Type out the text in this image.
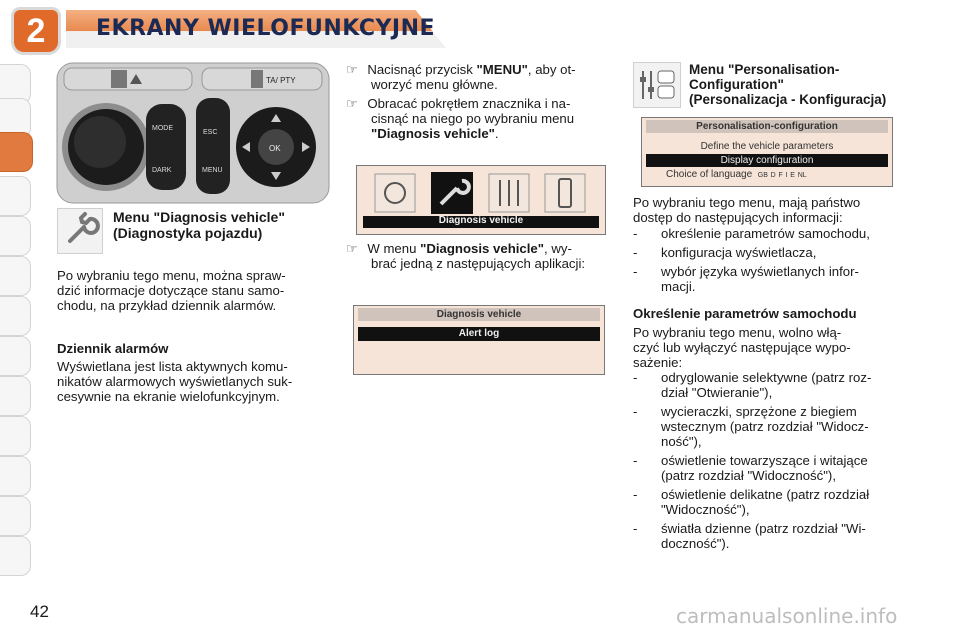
2	EKRANY WIELOFUNKCYJNE
TA/ PTY
MODE
DARK
ESC
MENU
OK
Menu "Diagnosis vehicle"
(Diagnostyka pojazdu)
Po wybraniu tego menu, można spraw-
dzić informacje dotyczące stanu samo-
chodu, na przykład dziennik alarmów.
Dziennik alarmów
Wyświetlana jest lista aktywnych komu-
nikatów alarmowych wyświetlanych suk-
cesywnie na ekranie wielofunkcyjnym.
☞ Nacisnąć przycisk "MENU", aby ot-
worzyć menu główne.
☞ Obracać pokrętłem znacznika i na-
cisnąć na niego po wybraniu menu
"Diagnosis vehicle".
Diagnosis vehicle
☞ W menu "Diagnosis vehicle", wy-
brać jedną z następujących aplikacji:
Diagnosis vehicle
Alert log
Menu "Personalisation-
Configuration"
(Personalizacja - Konfiguracja)
Personalisation-configuration
Define the vehicle parameters
Display configuration
Choice of language GB D F I E NL
Po wybraniu tego menu, mają państwo
dostęp do następujących informacji:
- określenie parametrów samochodu,
- konfiguracja wyświetlacza,
- wybór języka wyświetlanych infor-
macji.
Określenie parametrów samochodu
Po wybraniu tego menu, wolno włą-
czyć lub wyłączyć następujące wypo-
sażenie:
- odryglowanie selektywne (patrz roz-
dział "Otwieranie"),
- wycieraczki, sprzężone z biegiem
wstecznym (patrz rozdział "Widocz-
ność"),
- oświetlenie towarzyszące i witające
(patrz rozdział "Widoczność"),
- oświetlenie delikatne (patrz rozdział
"Widoczność"),
- światła dzienne (patrz rozdział "Wi-
doczność").
42	carmanualsonline.info
